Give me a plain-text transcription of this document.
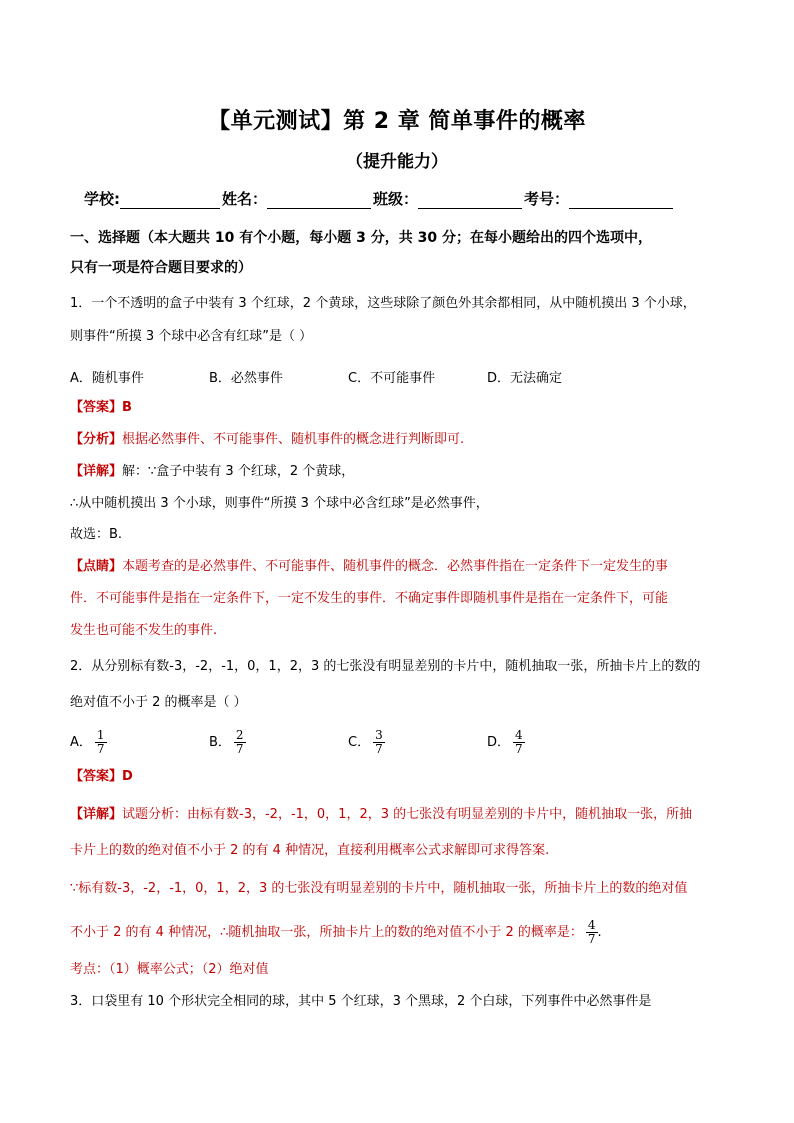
【单元测试】第 2 章 简单事件的概率
（提升能力）
学校:	姓名：	班级：	考号：
一、选择题（本大题共 10 有个小题，每小题 3 分，共 30 分；在每小题给出的四个选项中，
只有一项是符合题目要求的）
1．一个不透明的盒子中装有 3 个红球，2 个黄球，这些球除了颜色外其余都相同，从中随机摸出 3 个小球，
则事件“所摸 3 个球中必含有红球”是（ ）
A．随机事件	B．必然事件	C．不可能事件	D．无法确定
【答案】B
【分析】根据必然事件、不可能事件、随机事件的概念进行判断即可.
【详解】解：∵盒子中装有 3 个红球，2 个黄球，
∴从中随机摸出 3 个小球，则事件“所摸 3 个球中必含红球”是必然事件，
故选：B.
【点睛】本题考查的是必然事件、不可能事件、随机事件的概念．必然事件指在一定条件下一定发生的事
件．不可能事件是指在一定条件下，一定不发生的事件．不确定事件即随机事件是指在一定条件下，可能
发生也可能不发生的事件.
2．从分别标有数-3，-2，-1，0，1，2，3 的七张没有明显差别的卡片中，随机抽取一张，所抽卡片上的数的
绝对值不小于 2 的概率是（ ）
A． $\frac{1}{7}$	B． $\frac{2}{7}$	C． $\frac{3}{7}$	D． $\frac{4}{7}$
【答案】D
【详解】试题分析：由标有数-3，-2，-1，0，1，2，3 的七张没有明显差别的卡片中，随机抽取一张，所抽
卡片上的数的绝对值不小于 2 的有 4 种情况，直接利用概率公式求解即可求得答案.
∵标有数-3，-2，-1，0，1，2，3 的七张没有明显差别的卡片中，随机抽取一张，所抽卡片上的数的绝对值
不小于 2 的有 4 种情况，∴随机抽取一张，所抽卡片上的数的绝对值不小于 2 的概率是： $\frac{4}{7}$ .
考点：（1）概率公式；（2）绝对值
3．口袋里有 10 个形状完全相同的球，其中 5 个红球，3 个黑球，2 个白球，下列事件中必然事件是
